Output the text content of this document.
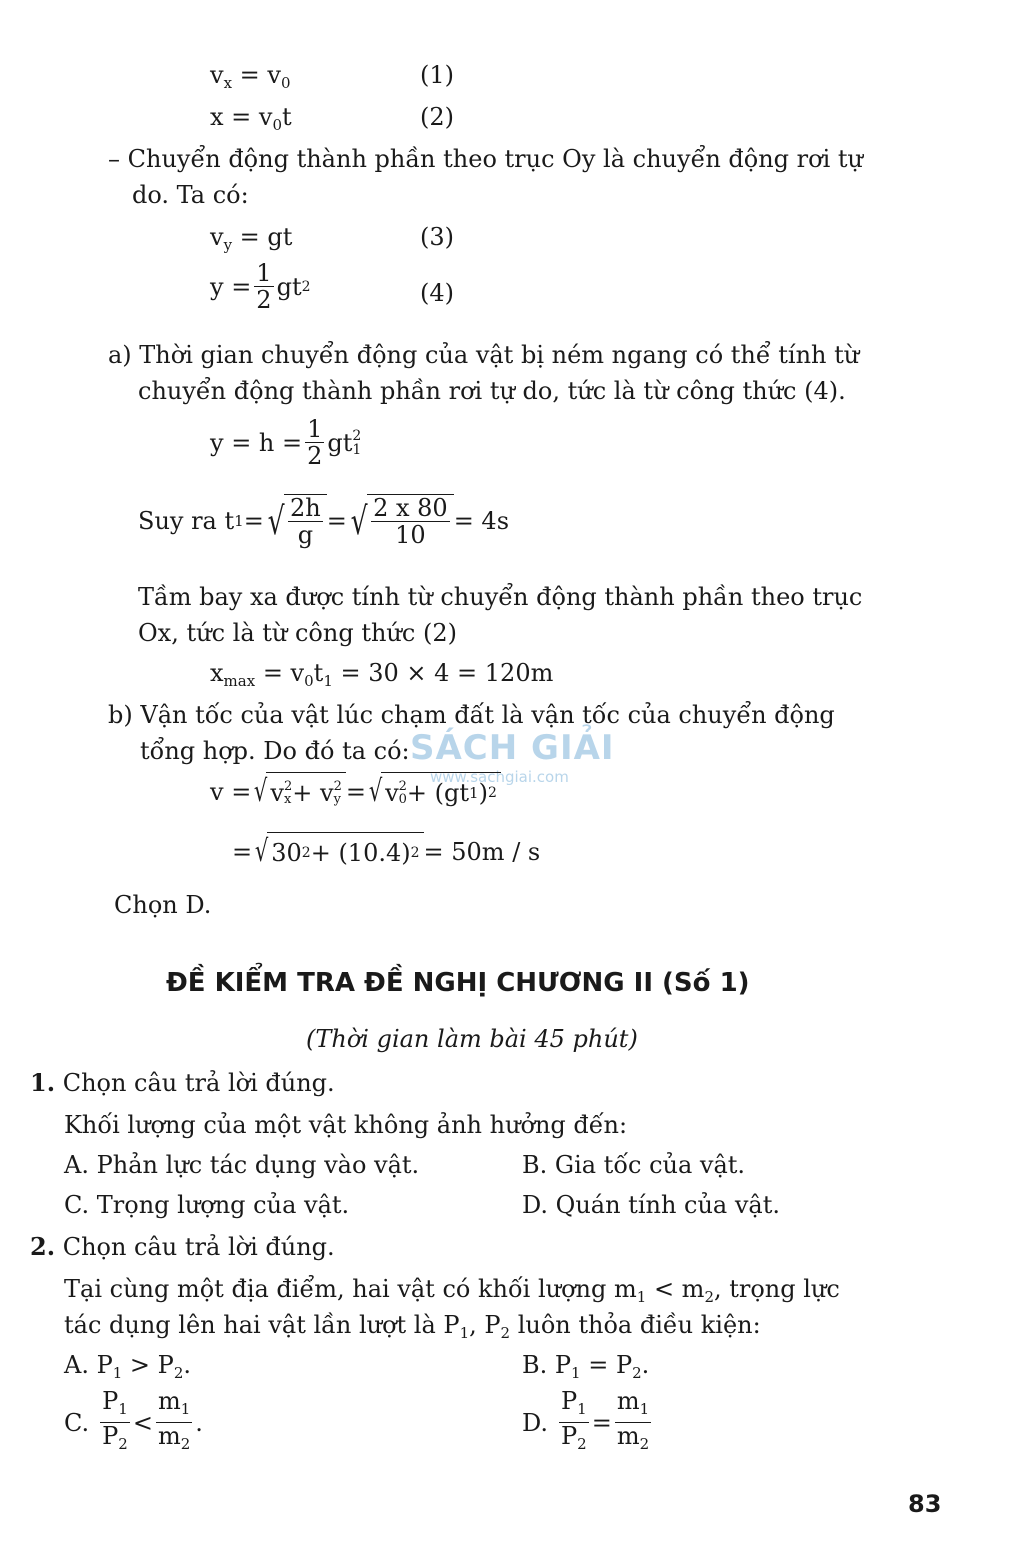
$v_x = v_0$	(1)
$x = v_0t$	(2)
– Chuyển động thành phần theo trục Oy là chuyển động rơi tự
do. Ta có:
$v_y$ = gt	(3)
$y = \frac{1}{2}$ gt 2	(4)
a) Thời gian chuyển động của vật bị ném ngang có thể tính từ
chuyển động thành phần rơi tự do, tức là từ công thức (4).
$y = h = \frac{1}{2}$ gt 2
1
Suy ra t 1 = √ $\frac{2h}{g}$ = √ $\frac{2 x 80}{10} = 4s$
Tầm bay xa được tính từ chuyển động thành phần theo trục
Ox, tức là từ công thức (2)
$x_{max} = v_0t_1 = 30 \times 4 = 120m$
b) Vận tốc của vật lúc chạm đất là vận tốc của chuyển động
tổng hợp. Do đó ta có: SÁCH GIẢI
www.sachgiai.com
v = √ v 2
x + v 2
y = √ v 2
0 + (gt 1 ) 2
= √ 30 2 + (10.4) 2 = 50m / s
Chọn D.
ĐỀ KIỂM TRA ĐỀ NGHỊ CHƯƠNG II (Số 1)
(Thời gian làm bài 45 phút)
1. Chọn câu trả lời đúng.
Khối lượng của một vật không ảnh hưởng đến:
A. Phản lực tác dụng vào vật.	B. Gia tốc của vật.
C. Trọng lượng của vật.	D. Quán tính của vật.
2. Chọn câu trả lời đúng.
Tại cùng một địa điểm, hai vật có khối lượng $m_1 < m_2$, trọng lực
tác dụng lên hai vật lần lượt là $P_1$, $P_2$ luôn thỏa điều kiện:
A. $P_1 > P_2$.	B. $P_1 = P_2$.
C. $\frac{P_1}{P_2} < \frac{m_1}{m_2}$ .	D. $\frac{P_1}{P_2} = \frac{m_1}{m_2}$
83
